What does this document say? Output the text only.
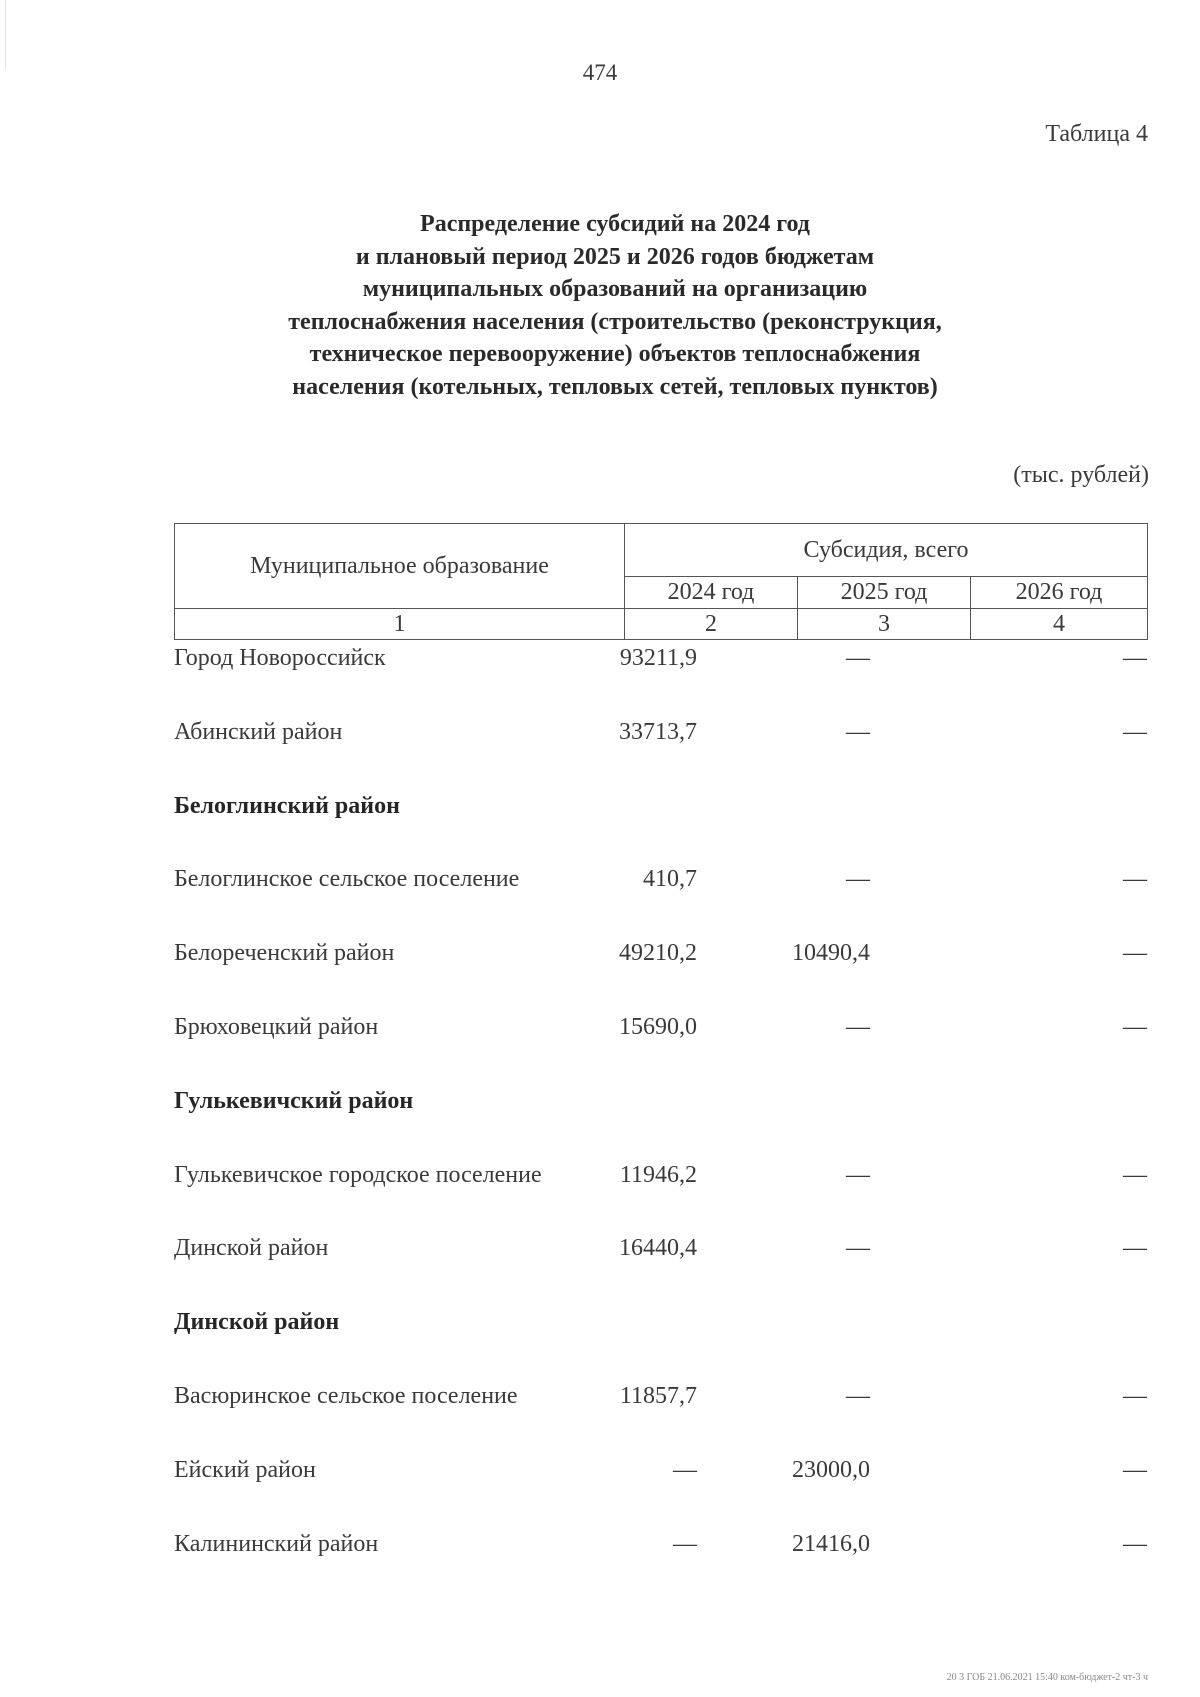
474
Таблица 4
Распределение субсидий на 2024 год
и плановый период 2025 и 2026 годов бюджетам
муниципальных образований на организацию
теплоснабжения населения (строительство (реконструкция,
техническое перевооружение) объектов теплоснабжения
населения (котельных, тепловых сетей, тепловых пунктов)
(тыс. рублей)
Муниципальное образование	Субсидия, всего		
	2024 год	2025 год	2026 год
1	2	3	4
Город Новороссийск	93211,9	—	—
Абинский район	33713,7	—	—
Белоглинский район
Белоглинское сельское поселение	410,7	—	—
Белореченский район	49210,2	10490,4	—
Брюховецкий район	15690,0	—	—
Гулькевичский район
Гулькевичское городское поселение	11946,2	—	—
Динской район	16440,4	—	—
Динской район
Васюринское сельское поселение	11857,7	—	—
Ейский район	—	23000,0	—
Калининский район	—	21416,0	—
20 3 ГОБ 21.06.2021 15:40 ком-бюджет-2 чт-3 ч
